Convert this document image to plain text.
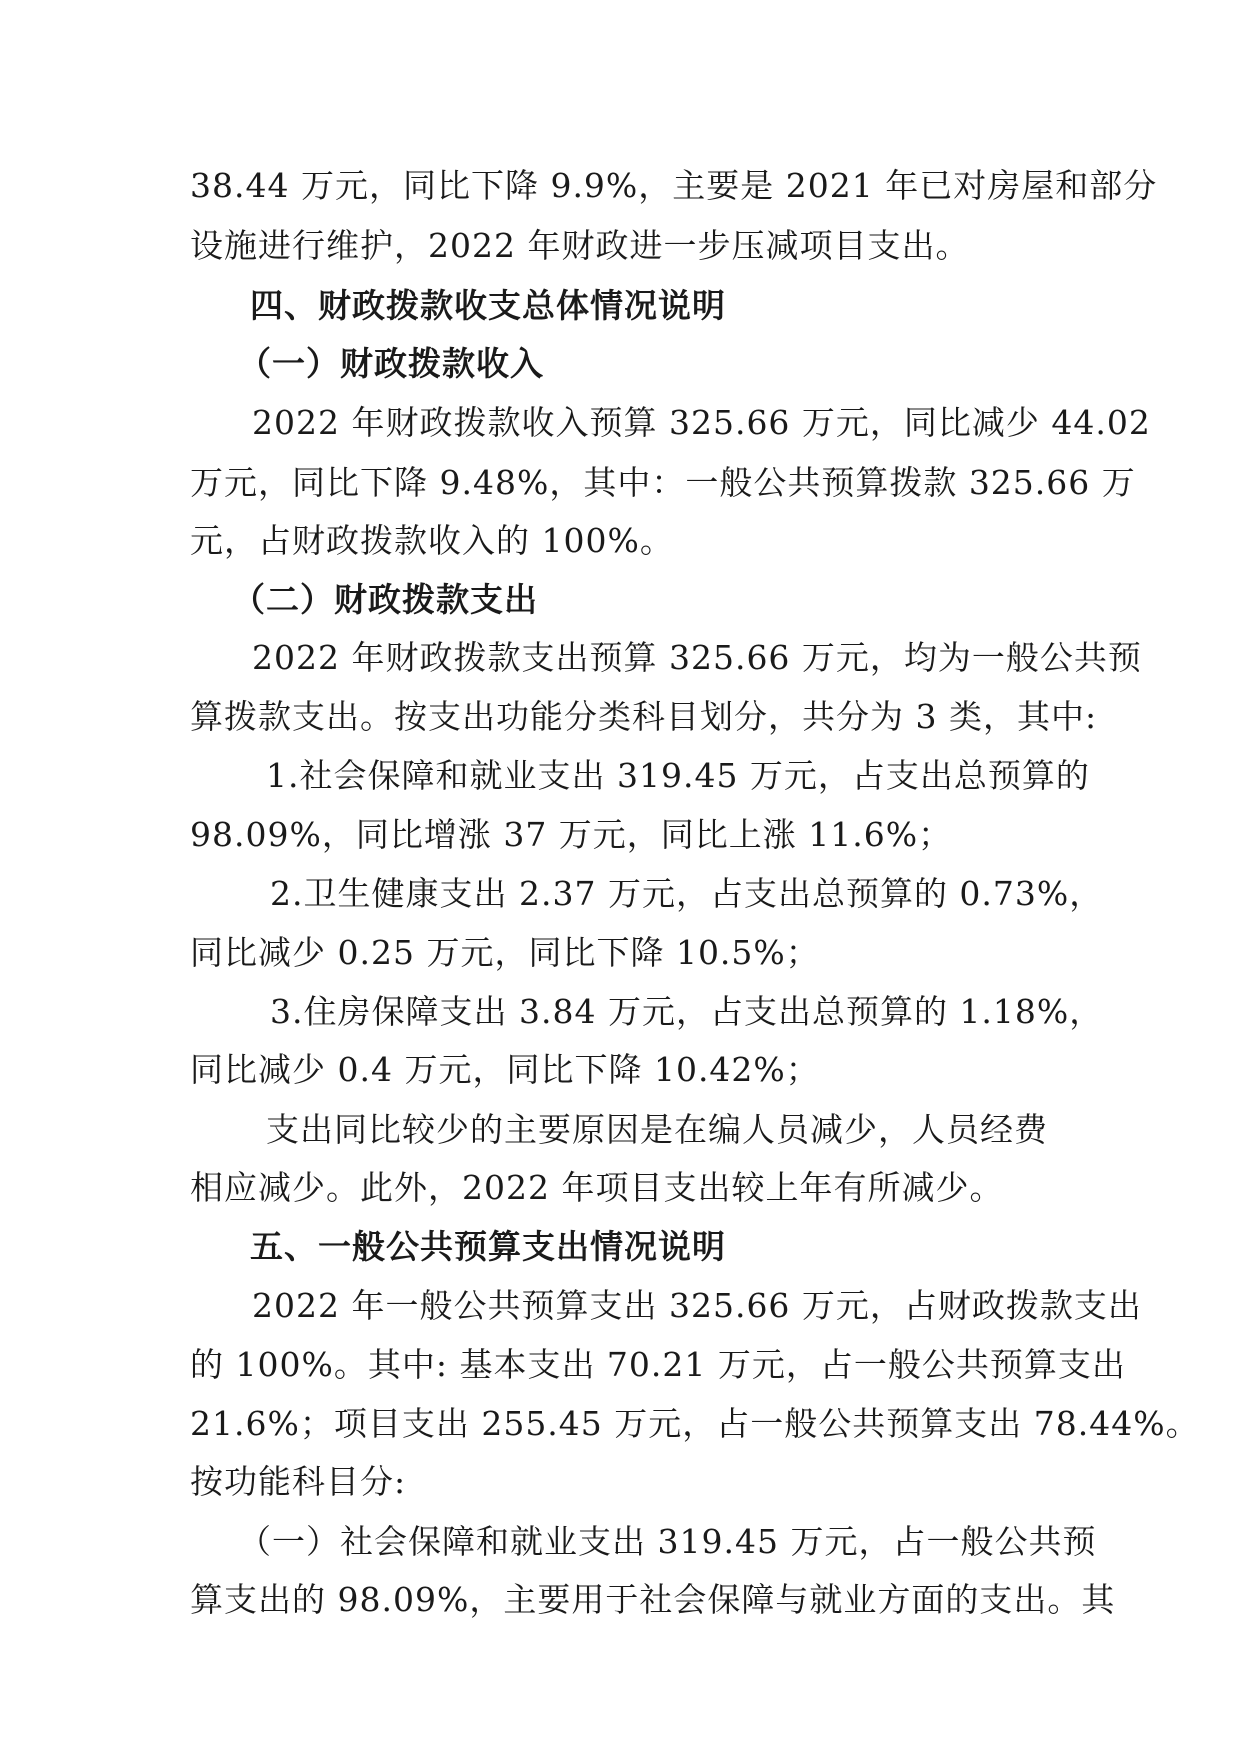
38.44 万元，同比下降 9.9%，主要是 2021 年已对房屋和部分
设施进行维护，2022 年财政进一步压减项目支出。
四、财政拨款收支总体情况说明
（一）财政拨款收入
2022 年财政拨款收入预算 325.66 万元，同比减少 44.02
万元，同比下降 9.48%，其中：一般公共预算拨款 325.66 万
元，占财政拨款收入的 100%。
（二）财政拨款支出
2022 年财政拨款支出预算 325.66 万元，均为一般公共预
算拨款支出。按支出功能分类科目划分，共分为 3 类，其中:
1.社会保障和就业支出 319.45 万元，占支出总预算的
98.09%，同比增涨 37 万元，同比上涨 11.6%；
2.卫生健康支出 2.37 万元，占支出总预算的 0.73%，
同比减少 0.25 万元，同比下降 10.5%；
3.住房保障支出 3.84 万元，占支出总预算的 1.18%，
同比减少 0.4 万元，同比下降 10.42%；
支出同比较少的主要原因是在编人员减少，人员经费
相应减少。此外，2022 年项目支出较上年有所减少。
五、一般公共预算支出情况说明
2022 年一般公共预算支出 325.66 万元，占财政拨款支出
的 100%。其中: 基本支出 70.21 万元，占一般公共预算支出
21.6%；项目支出 255.45 万元，占一般公共预算支出 78.44%。
按功能科目分:
（一）社会保障和就业支出 319.45 万元，占一般公共预
算支出的 98.09%，主要用于社会保障与就业方面的支出。其
